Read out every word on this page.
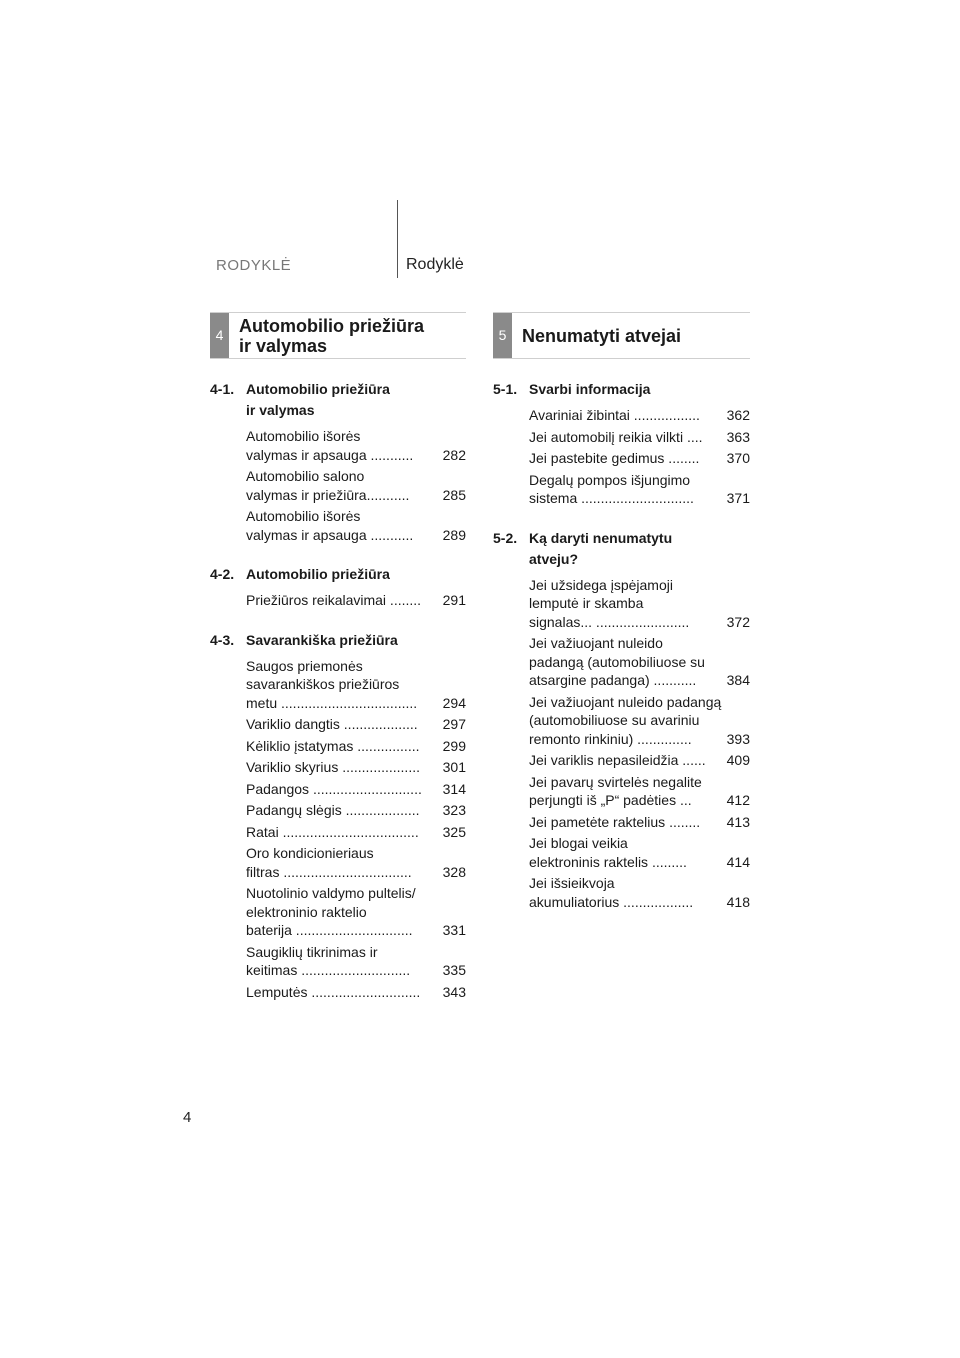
RODYKLĖ	Rodyklė
4 Automobilio priežiūra
ir valymas
4-1. Automobilio priežiūra
ir valymas
Automobilio išorės
valymas ir apsauga ...........	282
Automobilio salono
valymas ir priežiūra...........	285
Automobilio išorės
valymas ir apsauga ...........	289
4-2. Automobilio priežiūra
Priežiūros reikalavimai ........	291
4-3. Savarankiška priežiūra
Saugos priemonės
savarankiškos priežiūros
metu ...................................	294
Variklio dangtis ...................	297
Kėliklio įstatymas ................	299
Variklio skyrius ....................	301
Padangos ............................	314
Padangų slėgis ...................	323
Ratai ...................................	325
Oro kondicionieriaus
filtras .................................	328
Nuotolinio valdymo pultelis/
elektroninio raktelio
baterija ..............................	331
Saugiklių tikrinimas ir
keitimas ............................	335
Lemputės ............................	343
5 Nenumatyti atvejai
5-1. Svarbi informacija
Avariniai žibintai .................	362
Jei automobilį reikia vilkti ....	363
Jei pastebite gedimus ........	370
Degalų pompos išjungimo
sistema .............................	371
5-2. Ką daryti nenumatytu
atveju?
Jei užsidega įspėjamoji
lemputė ir skamba
signalas... ........................	372
Jei važiuojant nuleido
padangą (automobiliuose su
atsargine padanga) ...........	384
Jei važiuojant nuleido padangą
(automobiliuose su avariniu
remonto rinkiniu) ..............	393
Jei variklis nepasileidžia ......	409
Jei pavarų svirtelės negalite
perjungti iš „P“ padėties ...	412
Jei pametėte raktelius ........	413
Jei blogai veikia
elektroninis raktelis .........	414
Jei išsieikvoja
akumuliatorius ..................	418
4
